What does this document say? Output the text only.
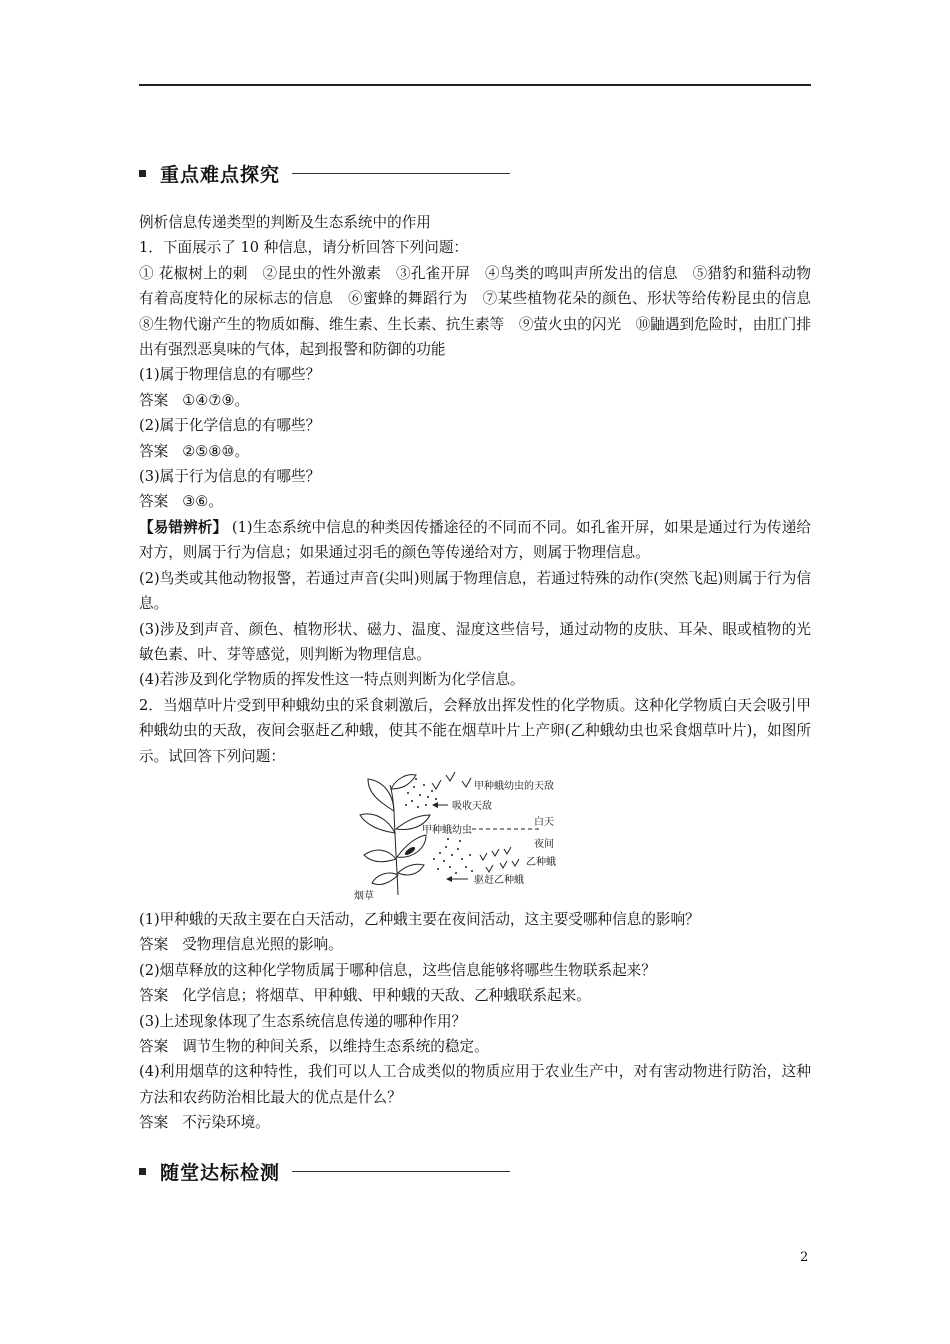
重点难点探究

例析信息传递类型的判断及生态系统中的作用

1．下面展示了 10 种信息，请分析回答下列问题：

① 花椒树上的刺　②昆虫的性外激素　③孔雀开屏　④鸟类的鸣叫声所发出的信息　⑤猎豹和猫科动物有着高度特化的尿标志的信息　⑥蜜蜂的舞蹈行为　⑦某些植物花朵的颜色、形状等给传粉昆虫的信息　⑧生物代谢产生的物质如酶、维生素、生长素、抗生素等　⑨萤火虫的闪光　⑩鼬遇到危险时，由肛门排出有强烈恶臭味的气体，起到报警和防御的功能

(1)属于物理信息的有哪些？

答案 ①④⑦⑨。

(2)属于化学信息的有哪些？

答案 ②⑤⑧⑩。

(3)属于行为信息的有哪些？

答案 ③⑥。

【易错辨析】 (1)生态系统中信息的种类因传播途径的不同而不同。如孔雀开屏，如果是通过行为传递给对方，则属于行为信息；如果通过羽毛的颜色等传递给对方，则属于物理信息。

(2)鸟类或其他动物报警，若通过声音(尖叫)则属于物理信息，若通过特殊的动作(突然飞起)则属于行为信息。

(3)涉及到声音、颜色、植物形状、磁力、温度、湿度这些信号，通过动物的皮肤、耳朵、眼或植物的光敏色素、叶、芽等感觉，则判断为物理信息。

(4)若涉及到化学物质的挥发性这一特点则判断为化学信息。

2．当烟草叶片受到甲种蛾幼虫的采食刺激后，会释放出挥发性的化学物质。这种化学物质白天会吸引甲种蛾幼虫的天敌，夜间会驱赶乙种蛾，使其不能在烟草叶片上产卵(乙种蛾幼虫也采食烟草叶片)，如图所示。试回答下列问题：

甲种蛾幼虫的天敌
吸收天敌
甲种蛾幼虫
白天
夜间
乙种蛾
烟草
驱赶乙种蛾

(1)甲种蛾的天敌主要在白天活动，乙种蛾主要在夜间活动，这主要受哪种信息的影响？

答案 受物理信息光照的影响。

(2)烟草释放的这种化学物质属于哪种信息，这些信息能够将哪些生物联系起来？

答案 化学信息；将烟草、甲种蛾、甲种蛾的天敌、乙种蛾联系起来。

(3)上述现象体现了生态系统信息传递的哪种作用？

答案 调节生物的种间关系，以维持生态系统的稳定。

(4)利用烟草的这种特性，我们可以人工合成类似的物质应用于农业生产中，对有害动物进行防治，这种方法和农药防治相比最大的优点是什么？

答案 不污染环境。

随堂达标检测
2
